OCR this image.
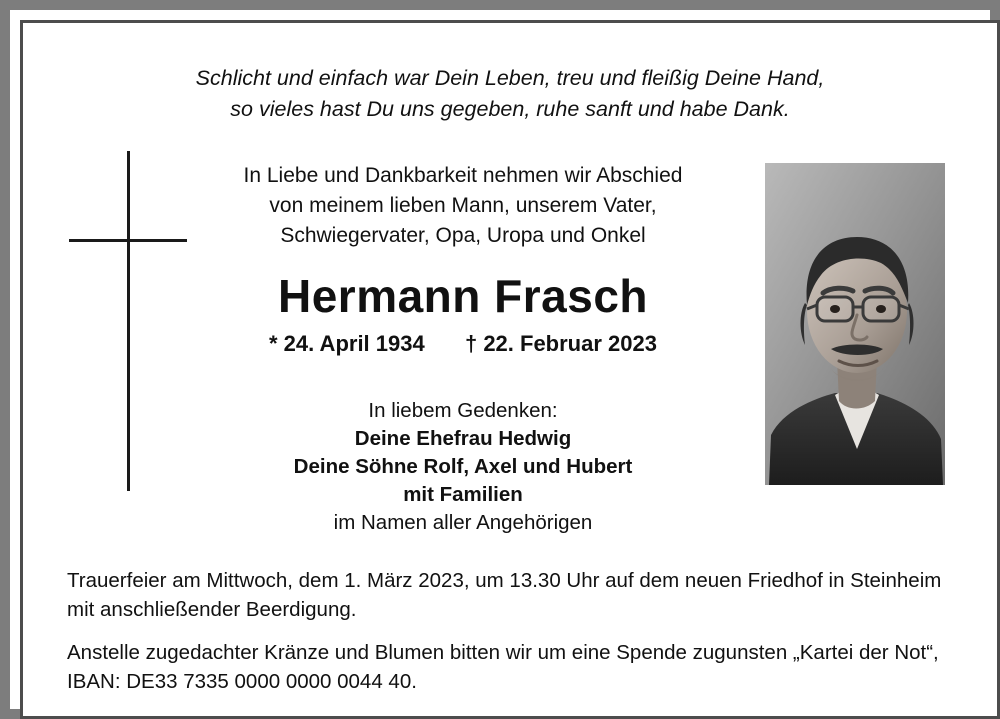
Schlicht und einfach war Dein Leben, treu und fleißig Deine Hand,
so vieles hast Du uns gegeben, ruhe sanft und habe Dank.
In Liebe und Dankbarkeit nehmen wir Abschied
von meinem lieben Mann, unserem Vater,
Schwiegervater, Opa, Uropa und Onkel
Hermann Frasch
* 24. April 1934 † 22. Februar 2023
In liebem Gedenken:
Deine Ehefrau Hedwig
Deine Söhne Rolf, Axel und Hubert
mit Familien
im Namen aller Angehörigen

Trauerfeier am Mittwoch, dem 1. März 2023, um 13.30 Uhr auf dem neuen Friedhof in Steinheim mit anschließender Beerdigung.

Anstelle zugedachter Kränze und Blumen bitten wir um eine Spende zugunsten „Kartei der Not“, IBAN: DE33 7335 0000 0000 0044 40.
